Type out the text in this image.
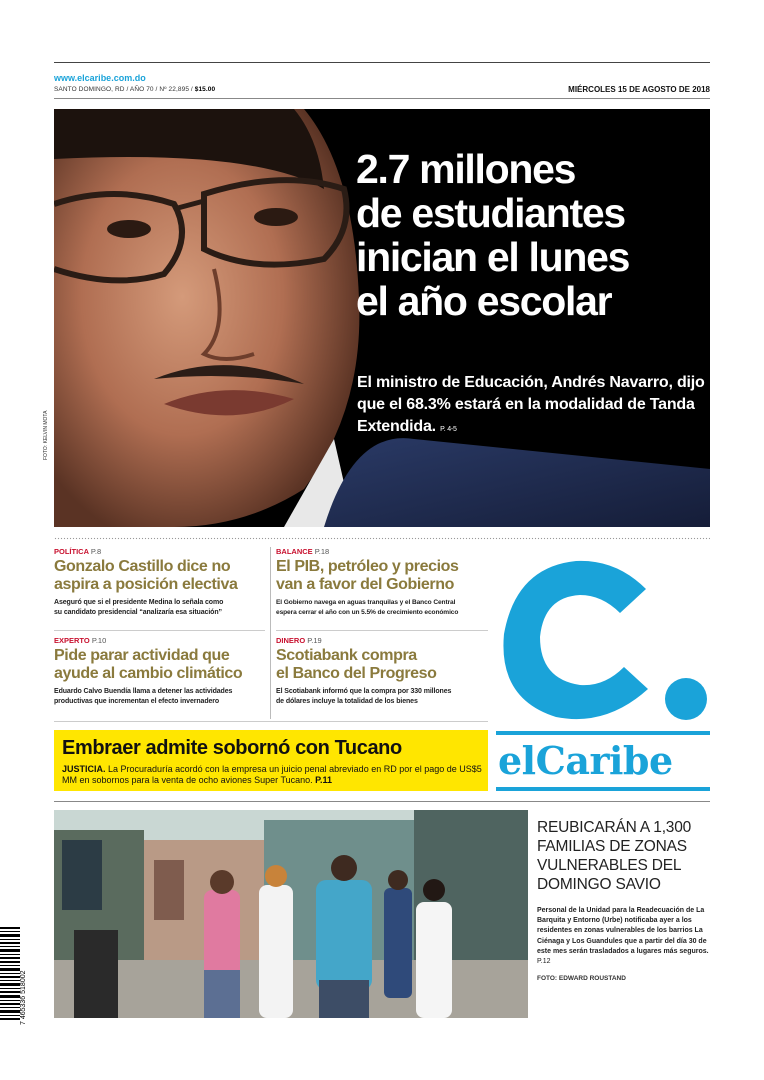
www.elcaribe.com.do
SANTO DOMINGO, RD / AÑO 70 / Nº 22,895 / $15.00	MIÉRCOLES 15 DE AGOSTO DE 2018
2.7 millones
de estudiantes
inician el lunes
el año escolar
El ministro de Educación, Andrés Navarro, dijo que el 68.3% estará en la modalidad de Tanda Extendida. P. 4-5
FOTO: KELVIN MOTA
POLÍTICA P.8
Gonzalo Castillo dice no
aspira a posición electiva
Aseguró que si el presidente Medina lo señala como
su candidato presidencial “analizaría esa situación”
BALANCE P.18
El PIB, petróleo y precios
van a favor del Gobierno
El Gobierno navega en aguas tranquilas y el Banco Central
espera cerrar el año con un 5.5% de crecimiento económico
EXPERTO P.10
Pide parar actividad que
ayude al cambio climático
Eduardo Calvo Buendía llama a detener las actividades
productivas que incrementan el efecto invernadero
DINERO P.19
Scotiabank compra
el Banco del Progreso
El Scotiabank informó que la compra por 330 millones
de dólares incluye la totalidad de los bienes
elCaribe
Embraer admite sobornó con Tucano
JUSTICIA. La Procuraduría acordó con la empresa un juicio penal abreviado en RD por el pago de US$5 MM en sobornos para la venta de ocho aviones Super Tucano. P.11
REUBICARÁN A 1,300 FAMILIAS DE ZONAS VULNERABLES DEL DOMINGO SAVIO
Personal de la Unidad para la Readecuación de La Barquita y Entorno (Urbe) notificaba ayer a los residentes en zonas vulnerables de los barrios La Ciénaga y Los Guandules que a partir del día 30 de este mes serán trasladados a lugares más seguros. P.12
FOTO: EDWARD ROUSTAND
7 465336 518002
